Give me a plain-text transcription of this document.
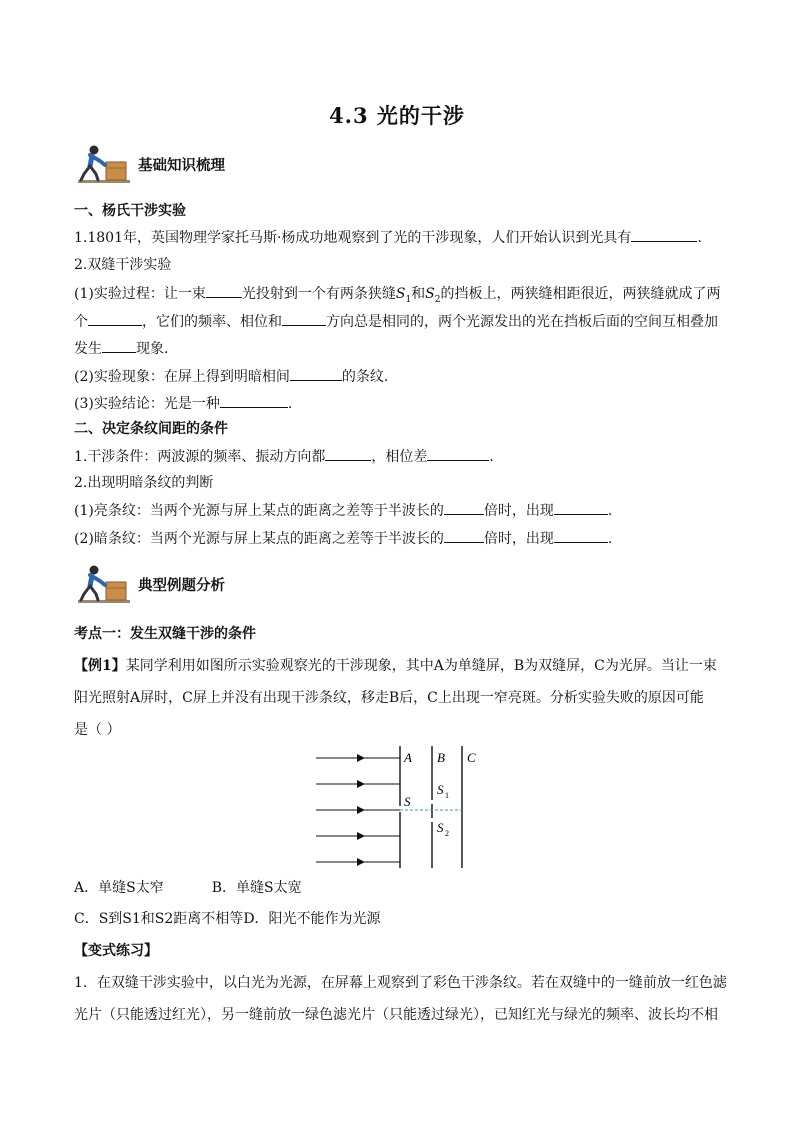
4.3 光的干涉
基础知识梳理
一、杨氏干涉实验
1.1801年，英国物理学家托马斯·杨成功地观察到了光的干涉现象，人们开始认识到光具有	.
2.双缝干涉实验
(1)实验过程：让一束	光投射到一个有两条狭缝$S_1$和$S_2$的挡板上，两狭缝相距很近，两狭缝就成了两
个	，它们的频率、相位和	方向总是相同的，两个光源发出的光在挡板后面的空间互相叠加
发生 现象.
(2)实验现象：在屏上得到明暗相间	的条纹.
(3)实验结论：光是一种	.
二、决定条纹间距的条件
1.干涉条件：两波源的频率、振动方向都	，相位差	.
2.出现明暗条纹的判断
(1)亮条纹：当两个光源与屏上某点的距离之差等于半波长的	倍时，出现	.
(2)暗条纹：当两个光源与屏上某点的距离之差等于半波长的	倍时，出现	.
典型例题分析
考点一：发生双缝干涉的条件
【例1】某同学利用如图所示实验观察光的干涉现象，其中A为单缝屏，B为双缝屏，C为光屏。当让一束
阳光照射A屏时，C屏上并没有出现干涉条纹，移走B后，C上出现一窄亮斑。分析实验失败的原因可能
是（ ）
A B C
S
S 1
S 2
A．单缝S太窄	B．单缝S太宽
C．S到S1和S2距离不相等D．阳光不能作为光源
【变式练习】
1．在双缝干涉实验中，以白光为光源，在屏幕上观察到了彩色干涉条纹。若在双缝中的一缝前放一红色滤
光片（只能透过红光），另一缝前放一绿色滤光片（只能透过绿光），已知红光与绿光的频率、波长均不相
